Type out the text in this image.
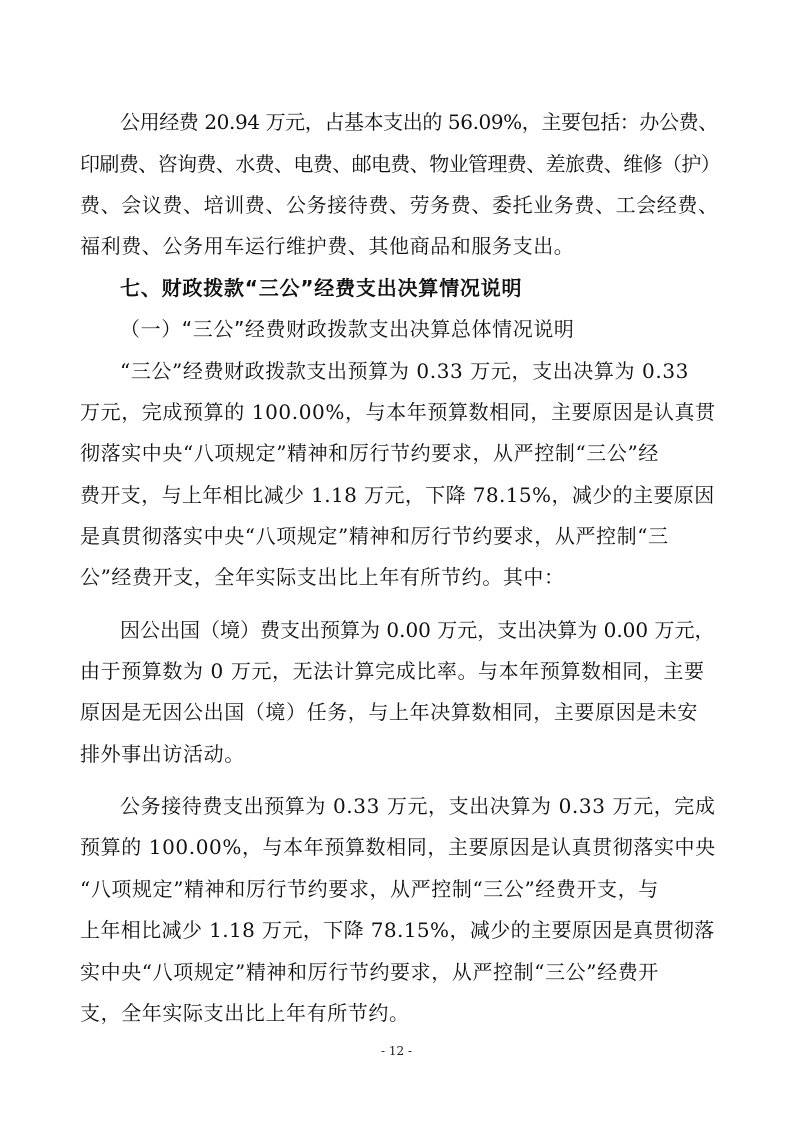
公用经费 20.94 万元，占基本支出的 56.09%，主要包括：办公费、
印刷费、咨询费、水费、电费、邮电费、物业管理费、差旅费、维修（护）
费、会议费、培训费、公务接待费、劳务费、委托业务费、工会经费、
福利费、公务用车运行维护费、其他商品和服务支出。
七、财政拨款“三公”经费支出决算情况说明
（一）“三公”经费财政拨款支出决算总体情况说明
“三公”经费财政拨款支出预算为 0.33 万元，支出决算为 0.33
万元，完成预算的 100.00%，与本年预算数相同，主要原因是认真贯
彻落实中央“八项规定”精神和厉行节约要求，从严控制“三公”经
费开支，与上年相比减少 1.18 万元，下降 78.15%，减少的主要原因
是真贯彻落实中央“八项规定”精神和厉行节约要求，从严控制“三
公”经费开支，全年实际支出比上年有所节约。其中：
因公出国（境）费支出预算为 0.00 万元，支出决算为 0.00 万元，
由于预算数为 0 万元，无法计算完成比率。与本年预算数相同，主要
原因是无因公出国（境）任务，与上年决算数相同，主要原因是未安
排外事出访活动。
公务接待费支出预算为 0.33 万元，支出决算为 0.33 万元，完成
预算的 100.00%，与本年预算数相同，主要原因是认真贯彻落实中央
“八项规定”精神和厉行节约要求，从严控制“三公”经费开支，与
上年相比减少 1.18 万元，下降 78.15%，减少的主要原因是真贯彻落
实中央“八项规定”精神和厉行节约要求，从严控制“三公”经费开
支，全年实际支出比上年有所节约。
- 12 -
